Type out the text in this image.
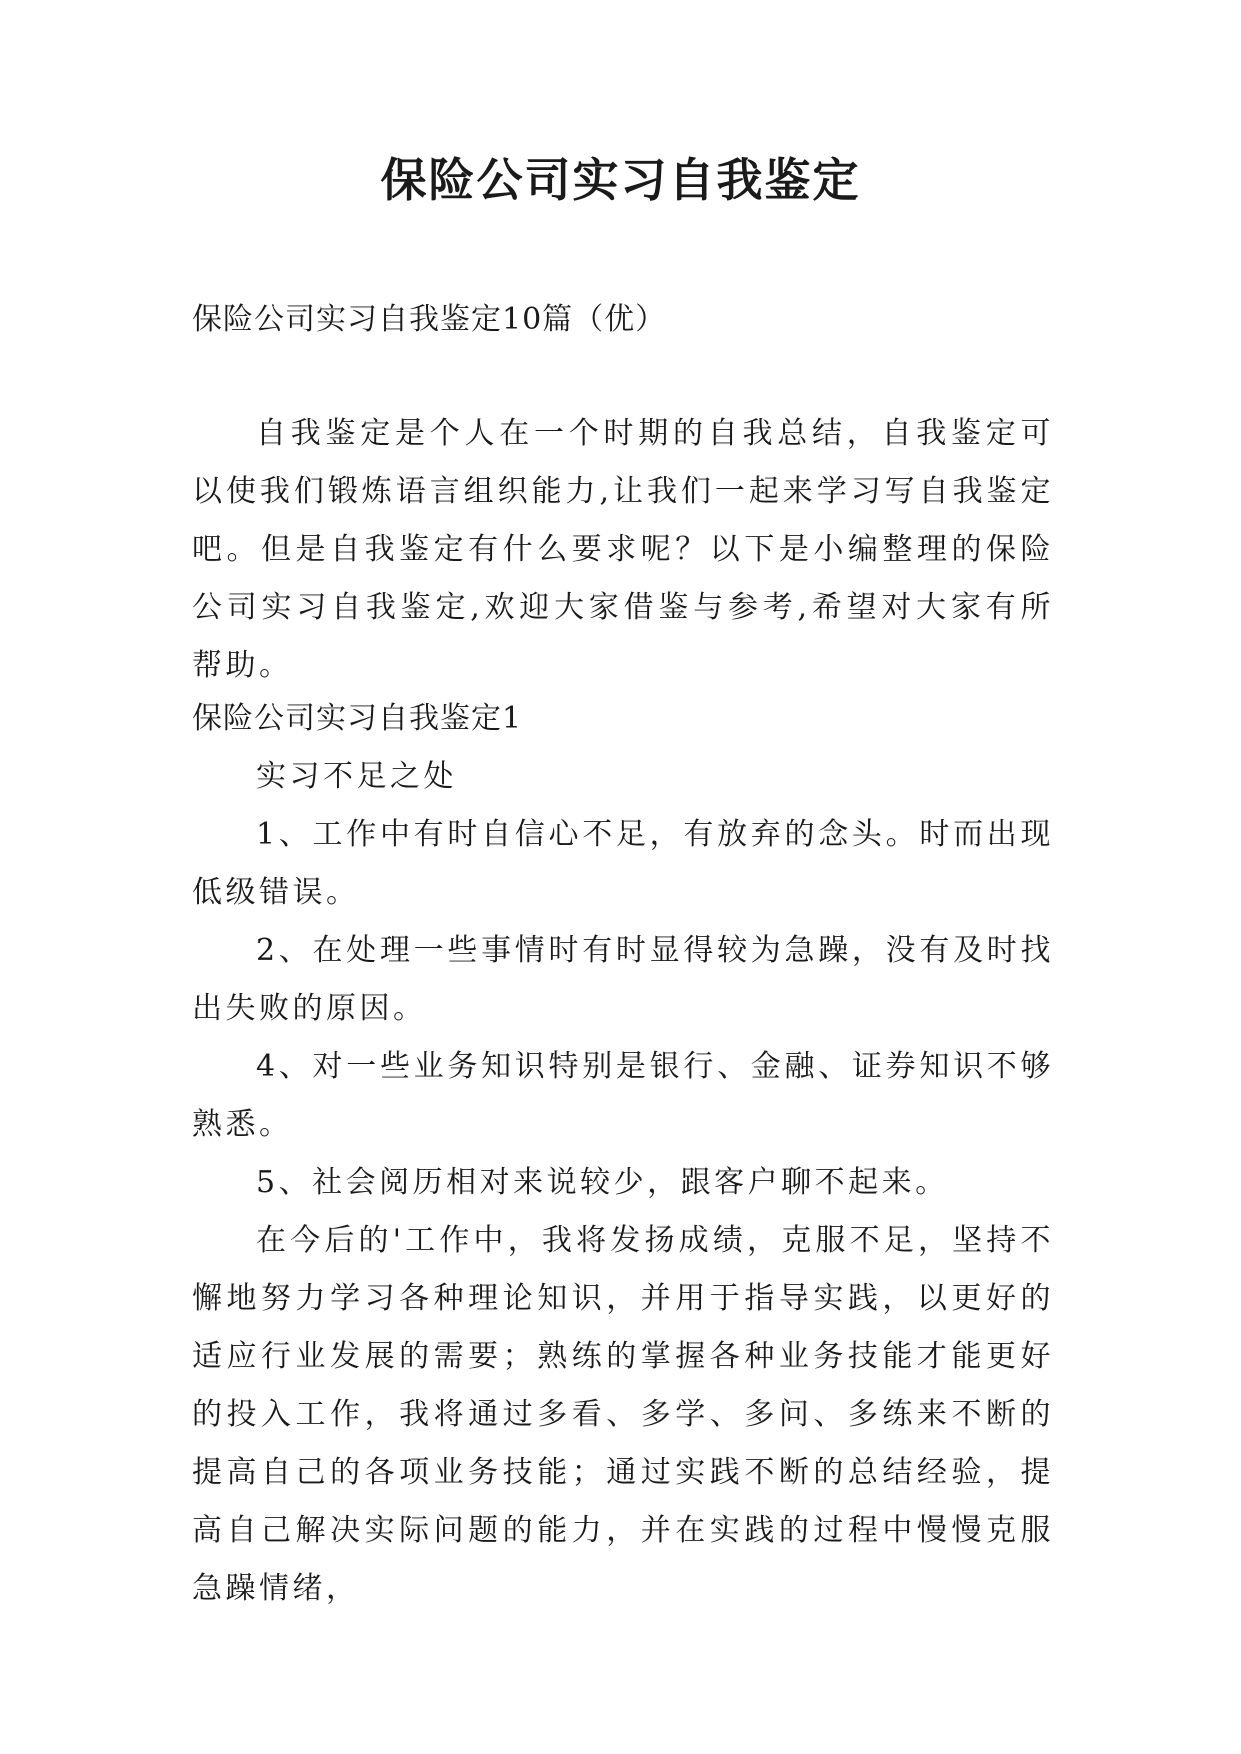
保险公司实习自我鉴定

保险公司实习自我鉴定10篇（优）

自我鉴定是个人在一个时期的自我总结，自我鉴定可以使我们锻炼语言组织能力,让我们一起来学习写自我鉴定吧。但是自我鉴定有什么要求呢？以下是小编整理的保险公司实习自我鉴定,欢迎大家借鉴与参考,希望对大家有所帮助。

保险公司实习自我鉴定1

实习不足之处

1、工作中有时自信心不足，有放弃的念头。时而出现低级错误。

2、在处理一些事情时有时显得较为急躁，没有及时找出失败的原因。

4、对一些业务知识特别是银行、金融、证券知识不够熟悉。

5、社会阅历相对来说较少，跟客户聊不起来。

在今后的'工作中，我将发扬成绩，克服不足，坚持不懈地努力学习各种理论知识，并用于指导实践，以更好的适应行业发展的需要；熟练的掌握各种业务技能才能更好的投入工作，我将通过多看、多学、多问、多练来不断的提高自己的各项业务技能；通过实践不断的总结经验，提高自己解决实际问题的能力，并在实践的过程中慢慢克服急躁情绪，
